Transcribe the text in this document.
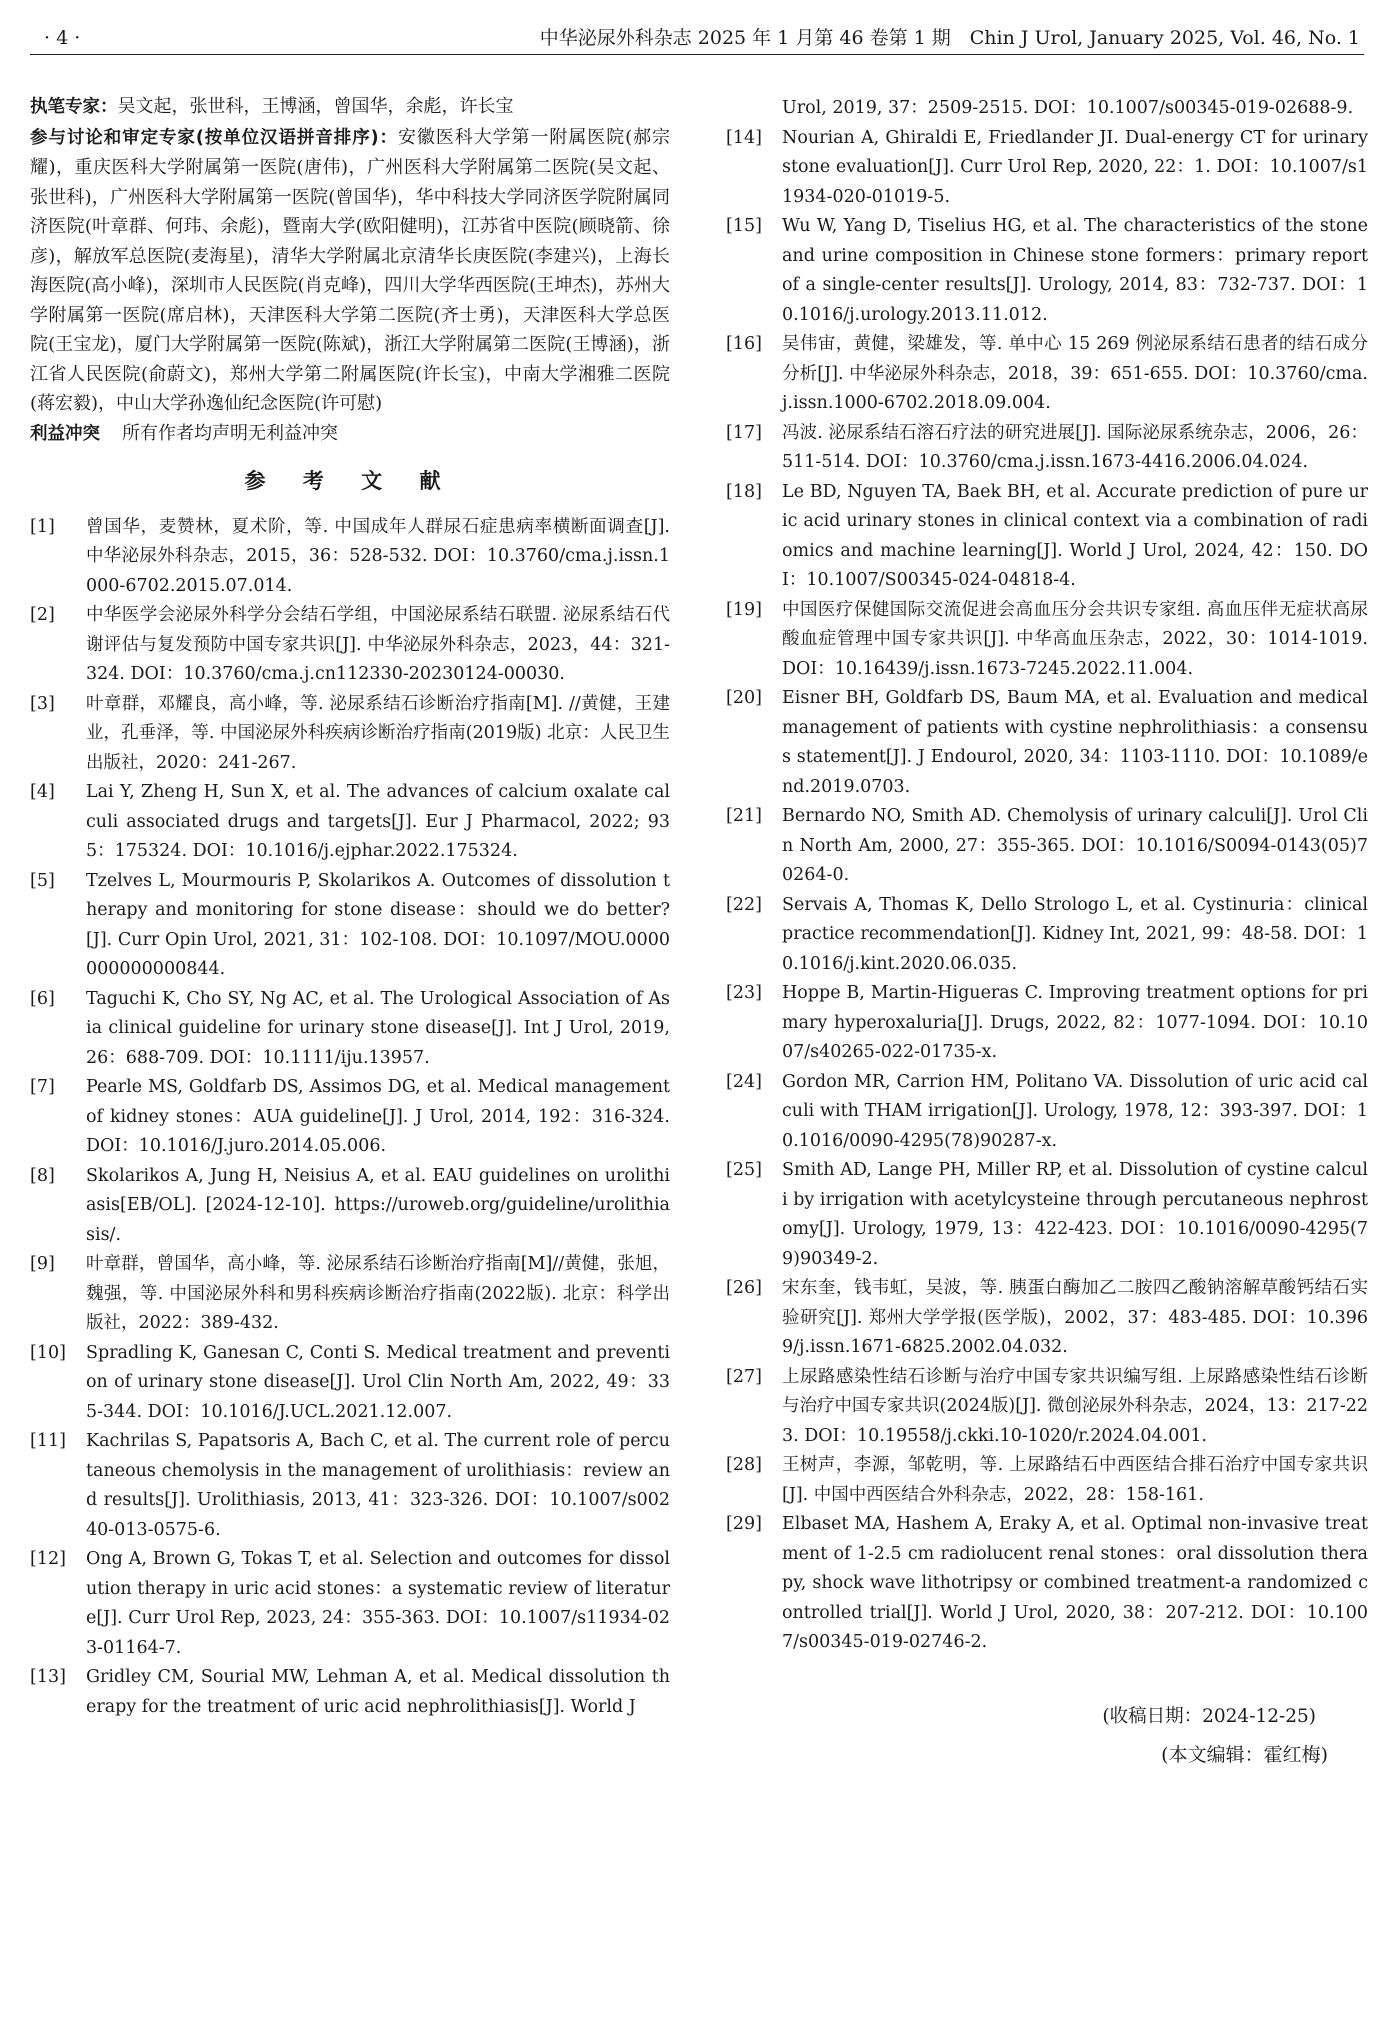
· 4 ·	中华泌尿外科杂志 2025 年 1 月第 46 卷第 1 期　Chin J Urol, January 2025, Vol. 46, No. 1

执笔专家：吴文起，张世科，王博涵，曾国华，余彪，许长宝

参与讨论和审定专家(按单位汉语拼音排序)：安徽医科大学第一附属医院(郝宗耀)，重庆医科大学附属第一医院(唐伟)，广州医科大学附属第二医院(吴文起、张世科)，广州医科大学附属第一医院(曾国华)，华中科技大学同济医学院附属同济医院(叶章群、何玮、余彪)，暨南大学(欧阳健明)，江苏省中医院(顾晓箭、徐彦)，解放军总医院(麦海星)，清华大学附属北京清华长庚医院(李建兴)，上海长海医院(高小峰)，深圳市人民医院(肖克峰)，四川大学华西医院(王坤杰)，苏州大学附属第一医院(席启林)，天津医科大学第二医院(齐士勇)，天津医科大学总医院(王宝龙)，厦门大学附属第一医院(陈斌)，浙江大学附属第二医院(王博涵)，浙江省人民医院(俞蔚文)，郑州大学第二附属医院(许长宝)，中南大学湘雅二医院(蒋宏毅)，中山大学孙逸仙纪念医院(许可慰)

利益冲突 所有作者均声明无利益冲突

参 考 文 献
[1]	曾国华，麦赞林，夏术阶，等. 中国成年人群尿石症患病率横断面调查[J]. 中华泌尿外科杂志，2015，36：528-532. DOI：10.3760/cma.j.issn.1000-6702.2015.07.014.
[2]	中华医学会泌尿外科学分会结石学组，中国泌尿系结石联盟. 泌尿系结石代谢评估与复发预防中国专家共识[J]. 中华泌尿外科杂志，2023，44：321-324. DOI：10.3760/cma.j.cn112330-20230124-00030.
[3]	叶章群，邓耀良，高小峰，等. 泌尿系结石诊断治疗指南[M]. //黄健，王建业，孔垂泽，等. 中国泌尿外科疾病诊断治疗指南(2019版) 北京：人民卫生出版社，2020：241-267.
[4]	Lai Y, Zheng H, Sun X, et al. The advances of calcium oxalate calculi associated drugs and targets[J]. Eur J Pharmacol, 2022; 935：175324. DOI：10.1016/j.ejphar.2022.175324.
[5]	Tzelves L, Mourmouris P, Skolarikos A. Outcomes of dissolution therapy and monitoring for stone disease：should we do better? [J]. Curr Opin Urol, 2021, 31：102-108. DOI：10.1097/MOU.0000000000000844.
[6]	Taguchi K, Cho SY, Ng AC, et al. The Urological Association of Asia clinical guideline for urinary stone disease[J]. Int J Urol, 2019, 26：688-709. DOI：10.1111/iju.13957.
[7]	Pearle MS, Goldfarb DS, Assimos DG, et al. Medical management of kidney stones：AUA guideline[J]. J Urol, 2014, 192：316-324. DOI：10.1016/J.juro.2014.05.006.
[8]	Skolarikos A, Jung H, Neisius A, et al. EAU guidelines on urolithiasis[EB/OL]. [2024-12-10]. https://uroweb.org/guideline/urolithiasis/.
[9]	叶章群，曾国华，高小峰，等. 泌尿系结石诊断治疗指南[M]//黄健，张旭，魏强，等. 中国泌尿外科和男科疾病诊断治疗指南(2022版). 北京：科学出版社，2022：389-432.
[10]	Spradling K, Ganesan C, Conti S. Medical treatment and prevention of urinary stone disease[J]. Urol Clin North Am, 2022, 49：335-344. DOI：10.1016/J.UCL.2021.12.007.
[11]	Kachrilas S, Papatsoris A, Bach C, et al. The current role of percutaneous chemolysis in the management of urolithiasis：review and results[J]. Urolithiasis, 2013, 41：323-326. DOI：10.1007/s00240-013-0575-6.
[12]	Ong A, Brown G, Tokas T, et al. Selection and outcomes for dissolution therapy in uric acid stones：a systematic review of literature[J]. Curr Urol Rep, 2023, 24：355-363. DOI：10.1007/s11934-023-01164-7.
[13]	Gridley CM, Sourial MW, Lehman A, et al. Medical dissolution therapy for the treatment of uric acid nephrolithiasis[J]. World J
Urol, 2019, 37：2509-2515. DOI：10.1007/s00345-019-02688-9.
[14]	Nourian A, Ghiraldi E, Friedlander JI. Dual-energy CT for urinary stone evaluation[J]. Curr Urol Rep, 2020, 22：1. DOI：10.1007/s11934-020-01019-5.
[15]	Wu W, Yang D, Tiselius HG, et al. The characteristics of the stone and urine composition in Chinese stone formers：primary report of a single-center results[J]. Urology, 2014, 83：732-737. DOI：10.1016/j.urology.2013.11.012.
[16]	吴伟宙，黄健，梁雄发，等. 单中心 15 269 例泌尿系结石患者的结石成分分析[J]. 中华泌尿外科杂志，2018，39：651-655. DOI：10.3760/cma.j.issn.1000-6702.2018.09.004.
[17]	冯波. 泌尿系结石溶石疗法的研究进展[J]. 国际泌尿系统杂志，2006，26：511-514. DOI：10.3760/cma.j.issn.1673-4416.2006.04.024.
[18]	Le BD, Nguyen TA, Baek BH, et al. Accurate prediction of pure uric acid urinary stones in clinical context via a combination of radiomics and machine learning[J]. World J Urol, 2024, 42：150. DOI：10.1007/S00345-024-04818-4.
[19]	中国医疗保健国际交流促进会高血压分会共识专家组. 高血压伴无症状高尿酸血症管理中国专家共识[J]. 中华高血压杂志，2022，30：1014-1019. DOI：10.16439/j.issn.1673-7245.2022.11.004.
[20]	Eisner BH, Goldfarb DS, Baum MA, et al. Evaluation and medical management of patients with cystine nephrolithiasis：a consensus statement[J]. J Endourol, 2020, 34：1103-1110. DOI：10.1089/end.2019.0703.
[21]	Bernardo NO, Smith AD. Chemolysis of urinary calculi[J]. Urol Clin North Am, 2000, 27：355-365. DOI：10.1016/S0094-0143(05)70264-0.
[22]	Servais A, Thomas K, Dello Strologo L, et al. Cystinuria：clinical practice recommendation[J]. Kidney Int, 2021, 99：48-58. DOI：10.1016/j.kint.2020.06.035.
[23]	Hoppe B, Martin-Higueras C. Improving treatment options for primary hyperoxaluria[J]. Drugs, 2022, 82：1077-1094. DOI：10.1007/s40265-022-01735-x.
[24]	Gordon MR, Carrion HM, Politano VA. Dissolution of uric acid calculi with THAM irrigation[J]. Urology, 1978, 12：393-397. DOI：10.1016/0090-4295(78)90287-x.
[25]	Smith AD, Lange PH, Miller RP, et al. Dissolution of cystine calculi by irrigation with acetylcysteine through percutaneous nephrostomy[J]. Urology, 1979, 13：422-423. DOI：10.1016/0090-4295(79)90349-2.
[26]	宋东奎，钱韦虹，吴波，等. 胰蛋白酶加乙二胺四乙酸钠溶解草酸钙结石实验研究[J]. 郑州大学学报(医学版)，2002，37：483-485. DOI：10.3969/j.issn.1671-6825.2002.04.032.
[27]	上尿路感染性结石诊断与治疗中国专家共识编写组. 上尿路感染性结石诊断与治疗中国专家共识(2024版)[J]. 微创泌尿外科杂志，2024，13：217-223. DOI：10.19558/j.ckki.10-1020/r.2024.04.001.
[28]	王树声，李源，邹乾明，等. 上尿路结石中西医结合排石治疗中国专家共识[J]. 中国中西医结合外科杂志，2022，28：158-161.
[29]	Elbaset MA, Hashem A, Eraky A, et al. Optimal non-invasive treatment of 1-2.5 cm radiolucent renal stones：oral dissolution therapy, shock wave lithotripsy or combined treatment-a randomized controlled trial[J]. World J Urol, 2020, 38：207-212. DOI：10.1007/s00345-019-02746-2.
(收稿日期：2024-12-25)
(本文编辑：霍红梅)
